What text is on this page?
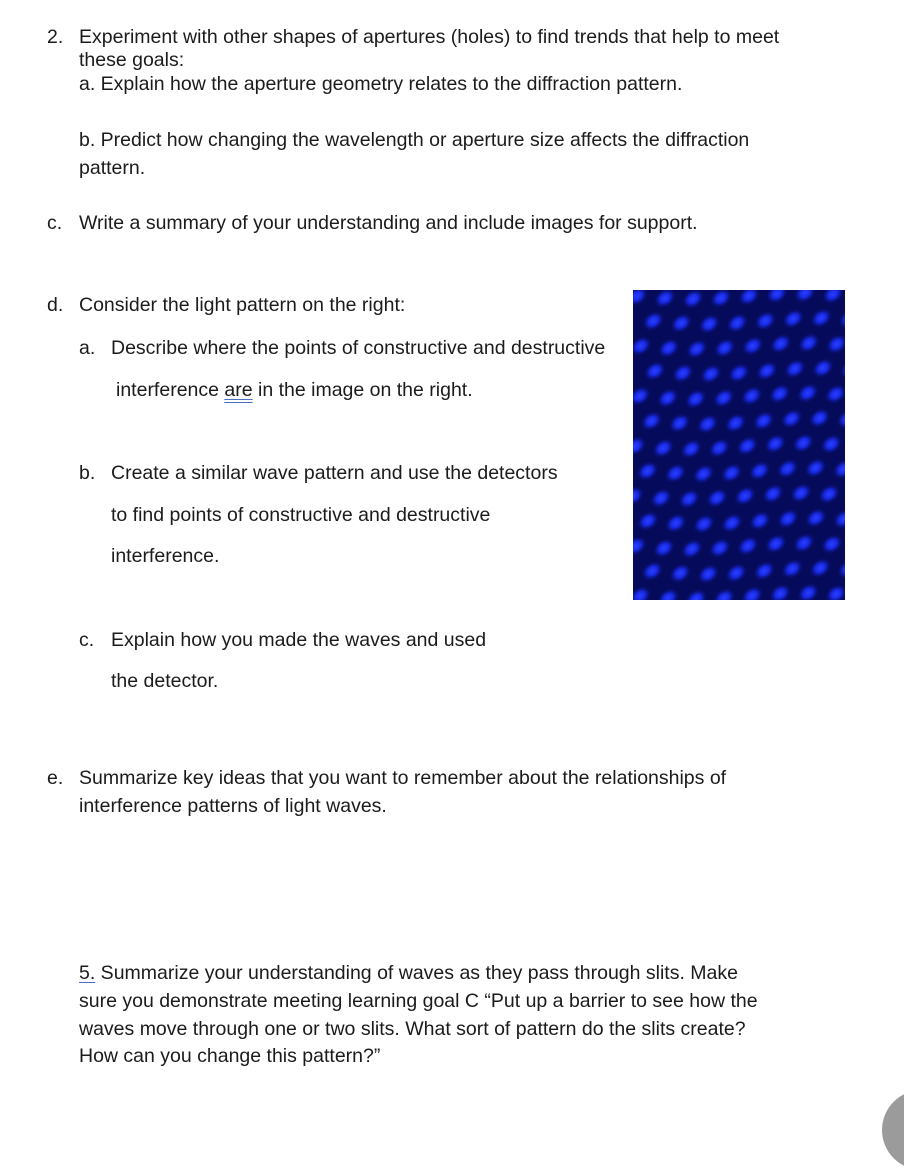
2. Experiment with other shapes of apertures (holes) to find trends that help to meet
these goals:
a. Explain how the aperture geometry relates to the diffraction pattern.
b. Predict how changing the wavelength or aperture size affects the diffraction
pattern.
c. Write a summary of your understanding and include images for support.
d. Consider the light pattern on the right:
a. Describe where the points of constructive and destructive
interference are in the image on the right.
b. Create a similar wave pattern and use the detectors
to find points of constructive and destructive
interference.
c. Explain how you made the waves and used
the detector.
e. Summarize key ideas that you want to remember about the relationships of
interference patterns of light waves.
5. Summarize your understanding of waves as they pass through slits. Make
sure you demonstrate meeting learning goal C “Put up a barrier to see how the
waves move through one or two slits. What sort of pattern do the slits create?
How can you change this pattern?”
